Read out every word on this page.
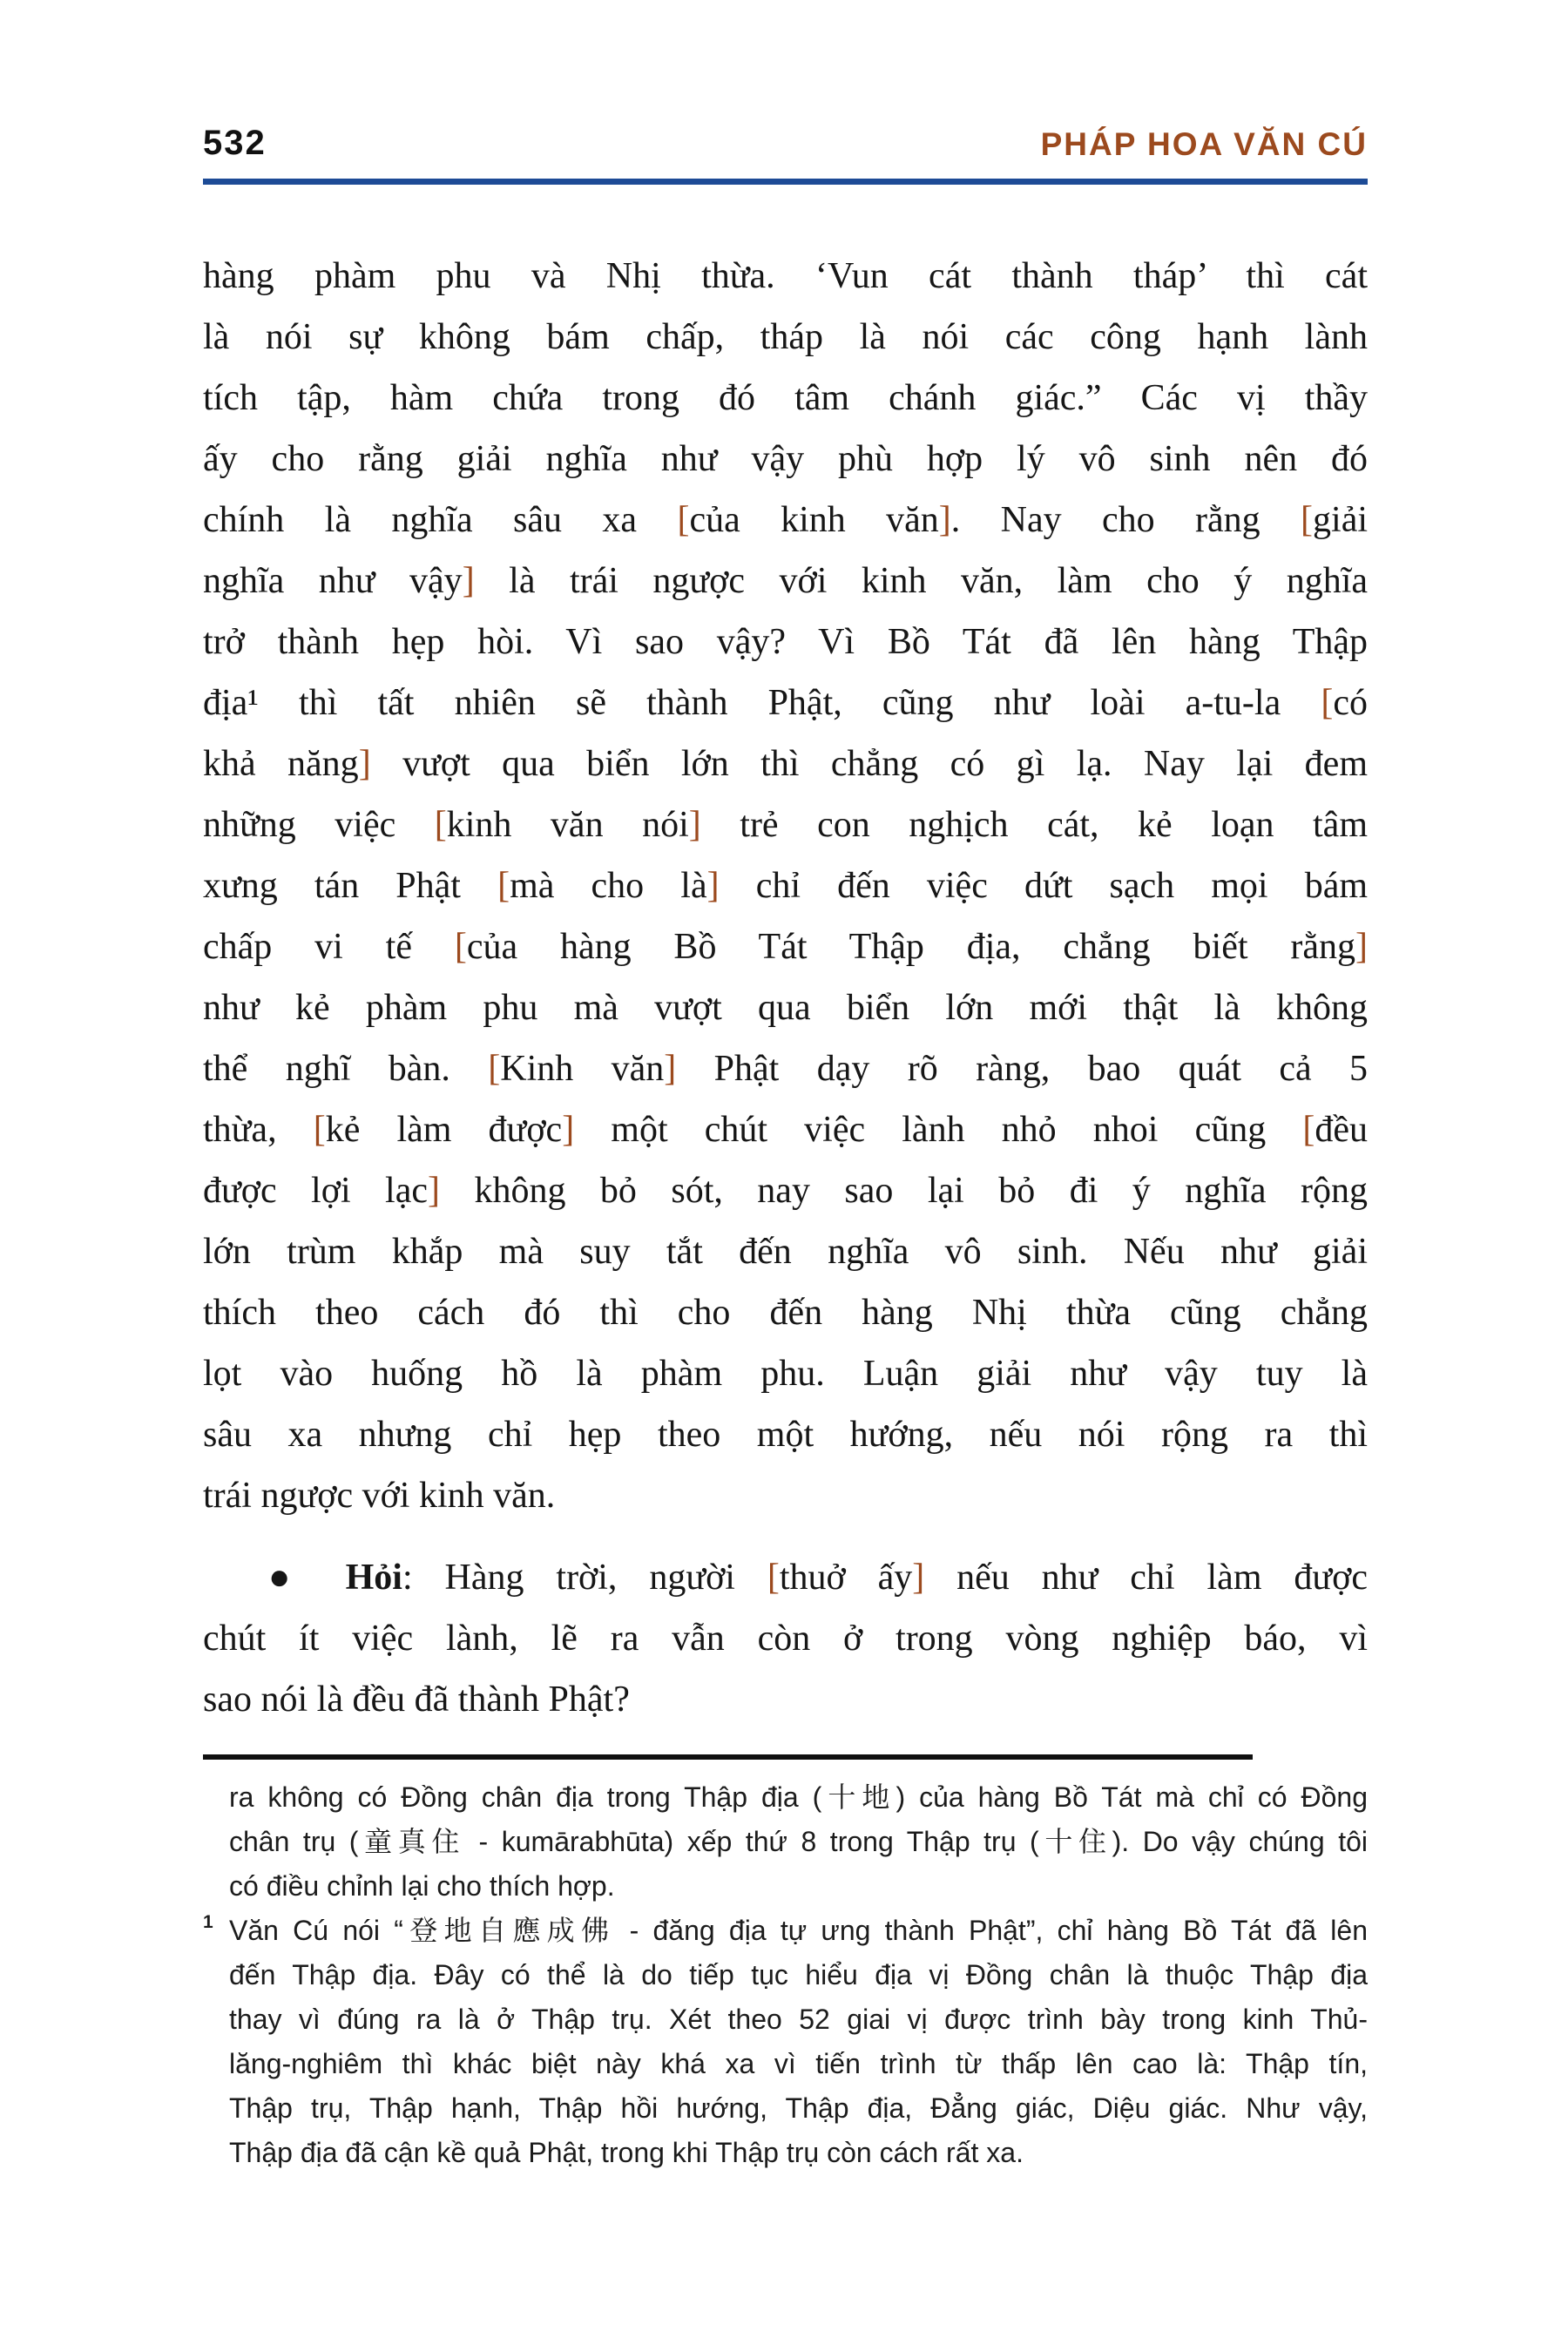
532	PHÁP HOA VĂN CÚ
hàng phàm phu và Nhị thừa. ‘Vun cát thành tháp’ thì cát
là nói sự không bám chấp, tháp là nói các công hạnh lành
tích tập, hàm chứa trong đó tâm chánh giác.” Các vị thầy
ấy cho rằng giải nghĩa như vậy phù hợp lý vô sinh nên đó
chính là nghĩa sâu xa [của kinh văn]. Nay cho rằng [giải
nghĩa như vậy] là trái ngược với kinh văn, làm cho ý nghĩa
trở thành hẹp hòi. Vì sao vậy? Vì Bồ Tát đã lên hàng Thập
địa¹ thì tất nhiên sẽ thành Phật, cũng như loài a-tu-la [có
khả năng] vượt qua biển lớn thì chẳng có gì lạ. Nay lại đem
những việc [kinh văn nói] trẻ con nghịch cát, kẻ loạn tâm
xưng tán Phật [mà cho là] chỉ đến việc dứt sạch mọi bám
chấp vi tế [của hàng Bồ Tát Thập địa, chẳng biết rằng]
như kẻ phàm phu mà vượt qua biển lớn mới thật là không
thể nghĩ bàn. [Kinh văn] Phật dạy rõ ràng, bao quát cả 5
thừa, [kẻ làm được] một chút việc lành nhỏ nhoi cũng [đều
được lợi lạc] không bỏ sót, nay sao lại bỏ đi ý nghĩa rộng
lớn trùm khắp mà suy tắt đến nghĩa vô sinh. Nếu như giải
thích theo cách đó thì cho đến hàng Nhị thừa cũng chẳng
lọt vào huống hồ là phàm phu. Luận giải như vậy tuy là
sâu xa nhưng chỉ hẹp theo một hướng, nếu nói rộng ra thì
trái ngược với kinh văn.
● Hỏi: Hàng trời, người [thuở ấy] nếu như chỉ làm được
chút ít việc lành, lẽ ra vẫn còn ở trong vòng nghiệp báo, vì
sao nói là đều đã thành Phật?
ra không có Đồng chân địa trong Thập địa (十地) của hàng Bồ Tát mà chỉ có Đồng
chân trụ (童真住 - kumārabhūta) xếp thứ 8 trong Thập trụ (十住). Do vậy chúng tôi
có điều chỉnh lại cho thích hợp.
1 Văn Cú nói “登地自應成佛 - đăng địa tự ưng thành Phật”, chỉ hàng Bồ Tát đã lên
đến Thập địa. Đây có thể là do tiếp tục hiểu địa vị Đồng chân là thuộc Thập địa
thay vì đúng ra là ở Thập trụ. Xét theo 52 giai vị được trình bày trong kinh Thủ-
lăng-nghiêm thì khác biệt này khá xa vì tiến trình từ thấp lên cao là: Thập tín,
Thập trụ, Thập hạnh, Thập hồi hướng, Thập địa, Đẳng giác, Diệu giác. Như vậy,
Thập địa đã cận kề quả Phật, trong khi Thập trụ còn cách rất xa.
